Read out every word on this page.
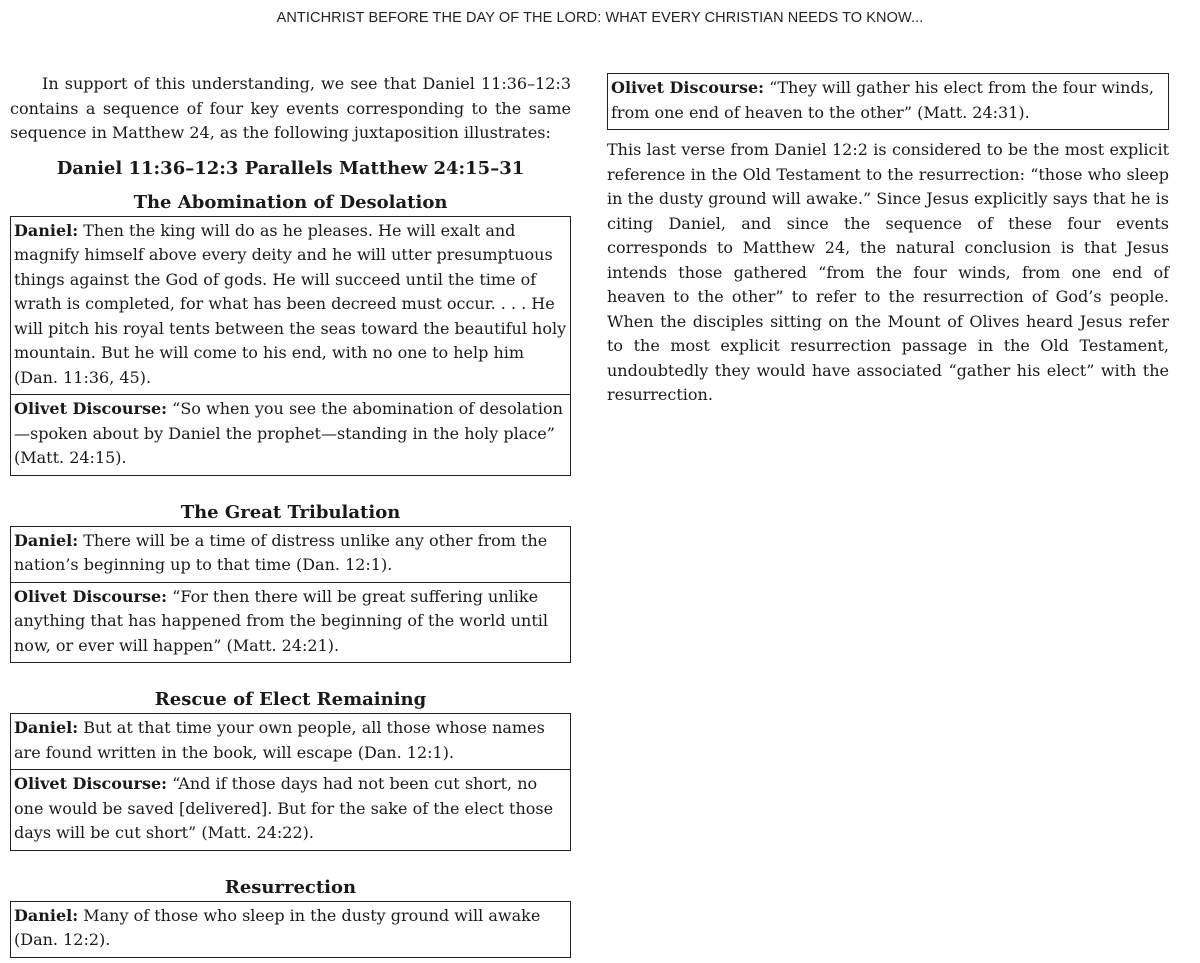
ANTICHRIST BEFORE THE DAY OF THE LORD: WHAT EVERY CHRISTIAN NEEDS TO KNOW...

In support of this understanding, we see that Daniel 11:36–12:3 contains a sequence of four key events corresponding to the same sequence in Matthew 24, as the following juxtaposition illustrates:

Daniel 11:36–12:3 Parallels Matthew 24:15–31
The Abomination of Desolation
Daniel: Then the king will do as he pleases. He will exalt and magnify himself above every deity and he will utter presumptuous things against the God of gods. He will succeed until the time of wrath is completed, for what has been decreed must occur. . . . He will pitch his royal tents between the seas toward the beautiful holy mountain. But he will come to his end, with no one to help him (Dan. 11:36, 45).
Olivet Discourse: “So when you see the abomination of desolation—spoken about by Daniel the prophet—standing in the holy place” (Matt. 24:15).
The Great Tribulation
Daniel: There will be a time of distress unlike any other from the nation’s beginning up to that time (Dan. 12:1).
Olivet Discourse: “For then there will be great suffering unlike anything that has happened from the beginning of the world until now, or ever will happen” (Matt. 24:21).
Rescue of Elect Remaining
Daniel: But at that time your own people, all those whose names are found written in the book, will escape (Dan. 12:1).
Olivet Discourse: “And if those days had not been cut short, no one would be saved [delivered]. But for the sake of the elect those days will be cut short” (Matt. 24:22).
Resurrection
Daniel: Many of those who sleep in the dusty ground will awake (Dan. 12:2).
Olivet Discourse: “They will gather his elect from the four winds, from one end of heaven to the other” (Matt. 24:31).

This last verse from Daniel 12:2 is considered to be the most explicit reference in the Old Testament to the resurrection: “those who sleep in the dusty ground will awake.” Since Jesus explicitly says that he is citing Daniel, and since the sequence of these four events corresponds to Matthew 24, the natural conclusion is that Jesus intends those gathered “from the four winds, from one end of heaven to the other” to refer to the resurrection of God’s people. When the disciples sitting on the Mount of Olives heard Jesus refer to the most explicit resurrection passage in the Old Testament, undoubtedly they would have associated “gather his elect” with the resurrection.
